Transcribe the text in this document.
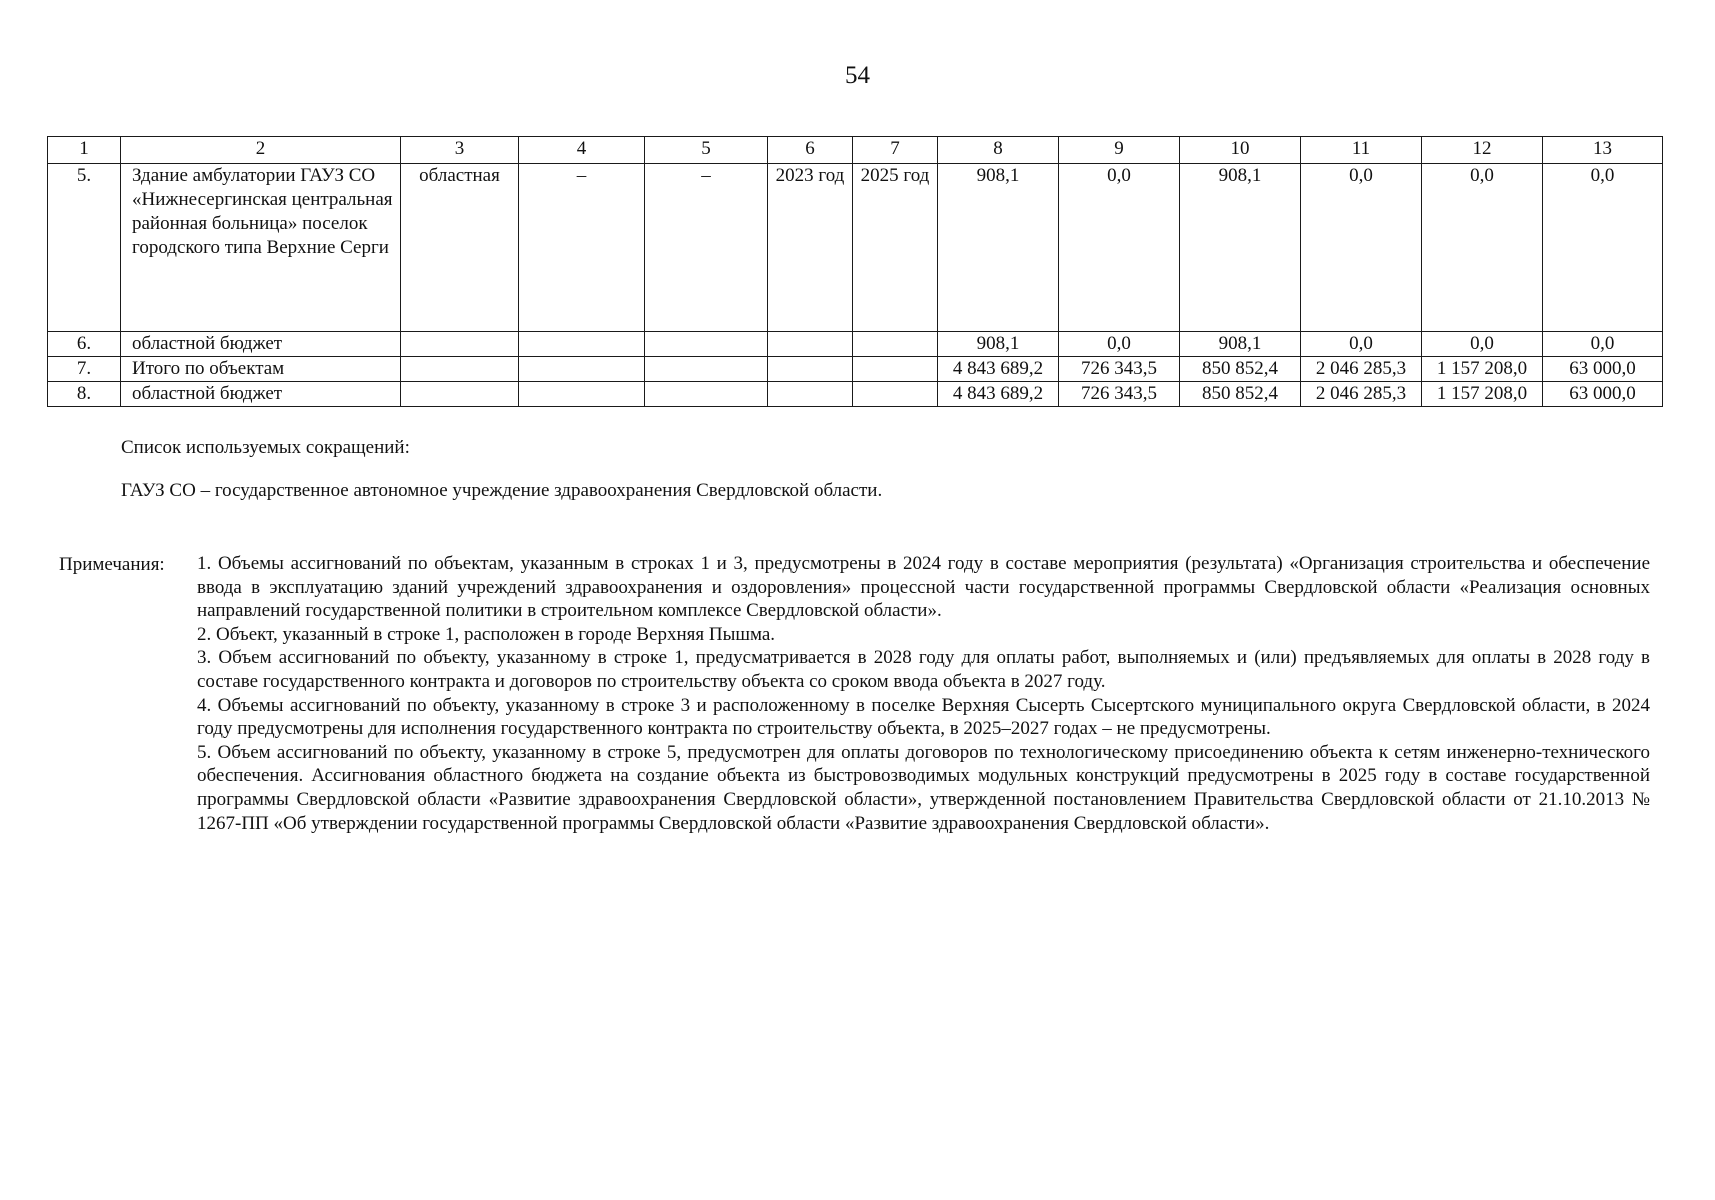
54
1	2	3	4	5	6	7	8	9	10	11	12	13
5.	Здание амбулатории ГАУЗ СО «Нижнесергинская центральная районная больница» поселок городского типа Верхние Серги	областная	–	–	2023 год	2025 год	908,1	0,0	908,1	0,0	0,0	0,0
6.	областной бюджет						908,1	0,0	908,1	0,0	0,0	0,0
7.	Итого по объектам						4 843 689,2	726 343,5	850 852,4	2 046 285,3	1 157 208,0	63 000,0
8.	областной бюджет						4 843 689,2	726 343,5	850 852,4	2 046 285,3	1 157 208,0	63 000,0
Список используемых сокращений:
ГАУЗ СО – государственное автономное учреждение здравоохранения Свердловской области.
Примечания: 1. Объемы ассигнований по объектам, указанным в строках 1 и 3, предусмотрены в 2024 году в составе мероприятия (результата) «Организация строительства и обеспечение ввода в эксплуатацию зданий учреждений здравоохранения и оздоровления» процессной части государственной программы Свердловской области «Реализация основных направлений государственной политики в строительном комплексе Свердловской области».

2. Объект, указанный в строке 1, расположен в городе Верхняя Пышма.

3. Объем ассигнований по объекту, указанному в строке 1, предусматривается в 2028 году для оплаты работ, выполняемых и (или) предъявляемых для оплаты в 2028 году в составе государственного контракта и договоров по строительству объекта со сроком ввода объекта в 2027 году.

4. Объемы ассигнований по объекту, указанному в строке 3 и расположенному в поселке Верхняя Сысерть Сысертского муниципального округа Свердловской области, в 2024 году предусмотрены для исполнения государственного контракта по строительству объекта, в 2025–2027 годах – не предусмотрены.

5. Объем ассигнований по объекту, указанному в строке 5, предусмотрен для оплаты договоров по технологическому присоединению объекта к сетям инженерно-технического обеспечения. Ассигнования областного бюджета на создание объекта из быстровозводимых модульных конструкций предусмотрены в 2025 году в составе государственной программы Свердловской области «Развитие здравоохранения Свердловской области», утвержденной постановлением Правительства Свердловской области от 21.10.2013 № 1267-ПП «Об утверждении государственной программы Свердловской области «Развитие здравоохранения Свердловской области».
